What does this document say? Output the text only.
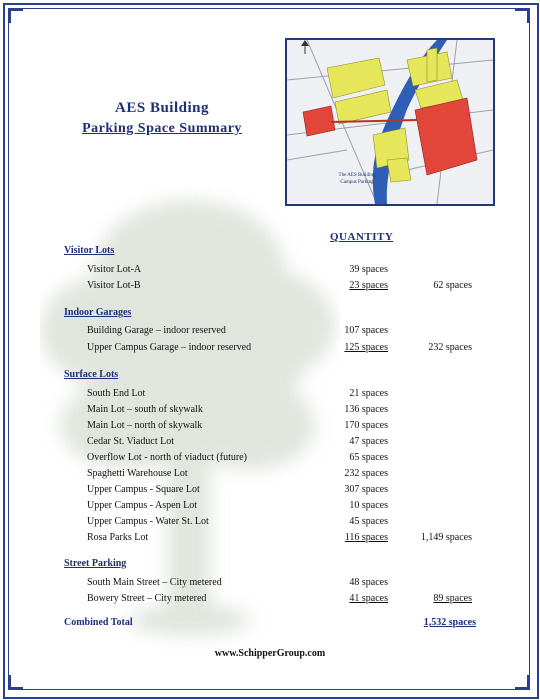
AES Building
Parking Space Summary
The AES Building
Campus Parking
QUANTITY
Visitor Lots
Visitor Lot-A	39 spaces
Visitor Lot-B	23 spaces	62 spaces
Indoor Garages
Building Garage – indoor reserved	107 spaces
Upper Campus Garage – indoor reserved	125 spaces	232 spaces
Surface Lots
South End Lot	21 spaces
Main Lot – south of skywalk	136 spaces
Main Lot – north of skywalk	170 spaces
Cedar St. Viaduct Lot	47 spaces
Overflow Lot - north of viaduct (future)	65 spaces
Spaghetti Warehouse Lot	232 spaces
Upper Campus - Square Lot	307 spaces
Upper Campus - Aspen Lot	10 spaces
Upper Campus - Water St. Lot	45 spaces
Rosa Parks Lot	116 spaces	1,149 spaces
Street Parking
South Main Street – City metered	48 spaces
Bowery Street – City metered	41 spaces	89 spaces
Combined Total	1,532 spaces
www.SchipperGroup.com
